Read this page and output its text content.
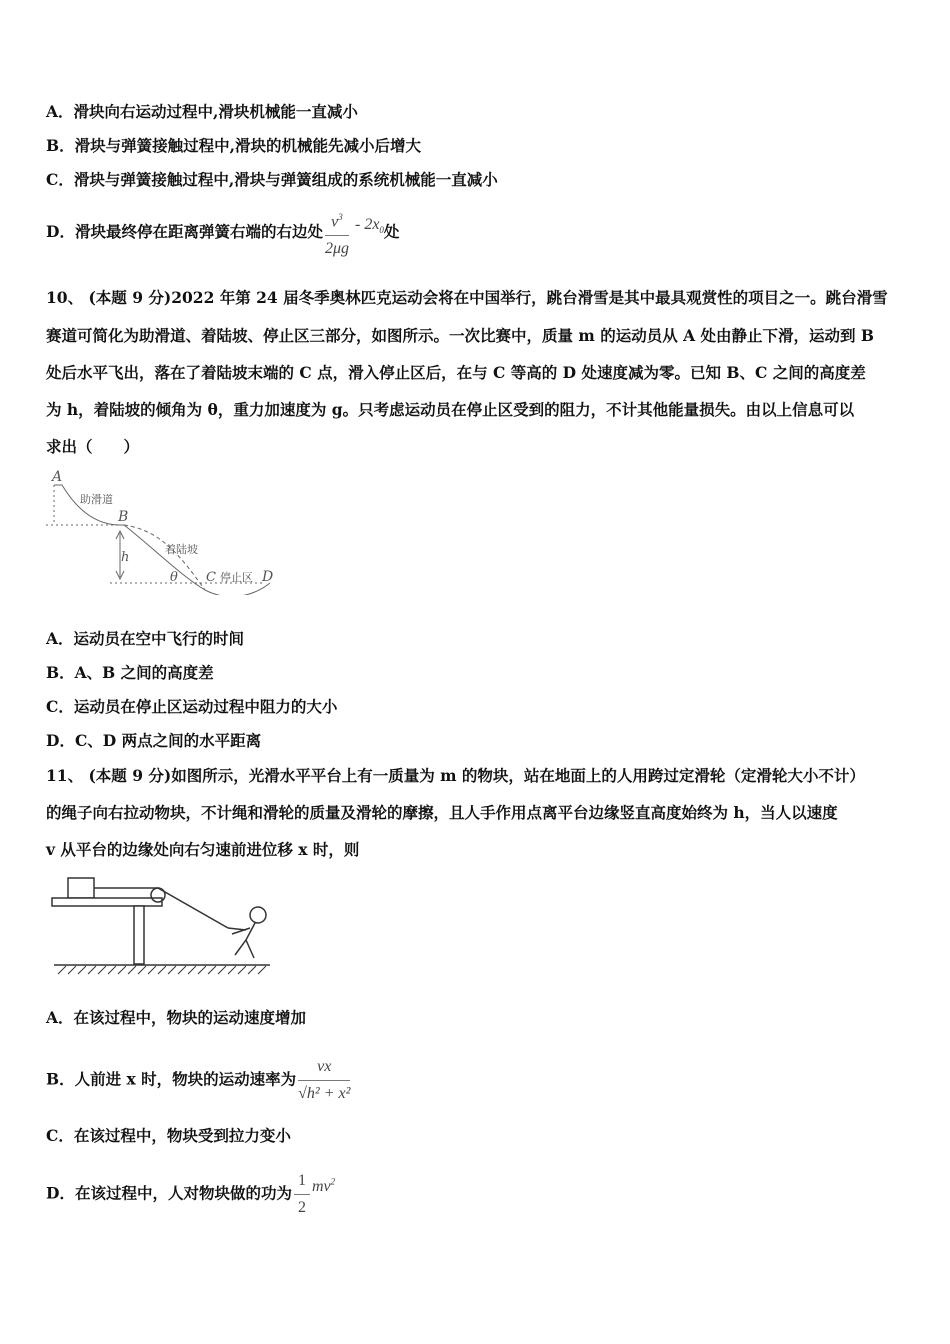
A．滑块向右运动过程中,滑块机械能一直减小
B．滑块与弹簧接触过程中,滑块的机械能先减小后增大
C．滑块与弹簧接触过程中,滑块与弹簧组成的系统机械能一直减小
D．滑块最终停在距离弹簧右端的右边处 $\frac{v^3}{2\mu g} - 2x_0$处
10、 (本题 9 分)2022 年第 24 届冬季奥林匹克运动会将在中国举行，跳台滑雪是其中最具观赏性的项目之一。跳台滑雪
赛道可简化为助滑道、着陆坡、停止区三部分，如图所示。一次比赛中，质量 m 的运动员从 A 处由静止下滑，运动到 B
处后水平飞出，落在了着陆坡末端的 C 点，滑入停止区后，在与 C 等高的 D 处速度减为零。已知 B、C 之间的高度差
为 h，着陆坡的倾角为 θ，重力加速度为 g。只考虑运动员在停止区受到的阻力，不计其他能量损失。由以上信息可以
求出（　　）
A
助滑道
B
h
着陆坡
θ C 停止区 D
A．运动员在空中飞行的时间
B．A、B 之间的高度差
C．运动员在停止区运动过程中阻力的大小
D．C、D 两点之间的水平距离
11、 (本题 9 分)如图所示，光滑水平平台上有一质量为 m 的物块，站在地面上的人用跨过定滑轮（定滑轮大小不计）
的绳子向右拉动物块，不计绳和滑轮的质量及滑轮的摩擦，且人手作用点离平台边缘竖直高度始终为 h，当人以速度
v 从平台的边缘处向右匀速前进位移 x 时，则
A．在该过程中，物块的运动速度增加
B．人前进 x 时，物块的运动速率为 $\frac{vx}{\text{√h² + x²}}$
C．在该过程中，物块受到拉力变小
D．在该过程中，人对物块做的功为 $\frac{1}{2} mv^2$
